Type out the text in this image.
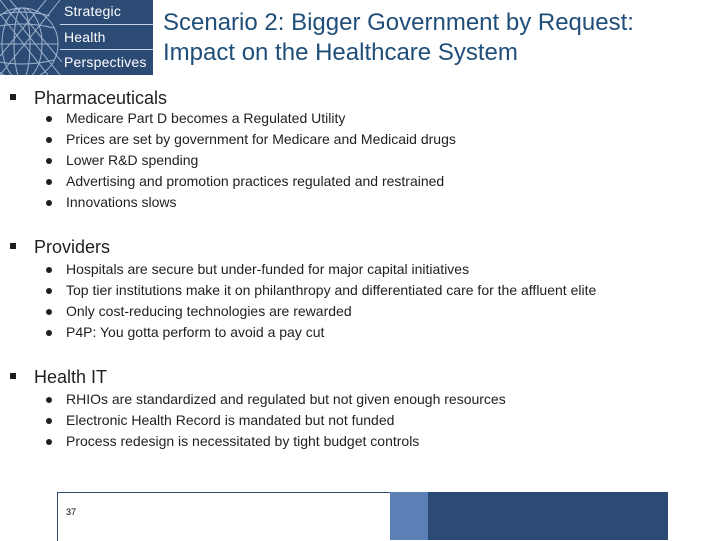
Strategic
Health
Perspectives
Scenario 2: Bigger Government by Request:
Impact on the Healthcare System
Pharmaceuticals
Medicare Part D becomes a Regulated Utility
Prices are set by government for Medicare and Medicaid drugs
Lower R&D spending
Advertising and promotion practices regulated and restrained
Innovations slows
Providers
Hospitals are secure but under-funded for major capital initiatives
Top tier institutions make it on philanthropy and differentiated care for the affluent elite
Only cost-reducing technologies are rewarded
P4P: You gotta perform to avoid a pay cut
Health IT
RHIOs are standardized and regulated but not given enough resources
Electronic Health Record is mandated but not funded
Process redesign is necessitated by tight budget controls
37
